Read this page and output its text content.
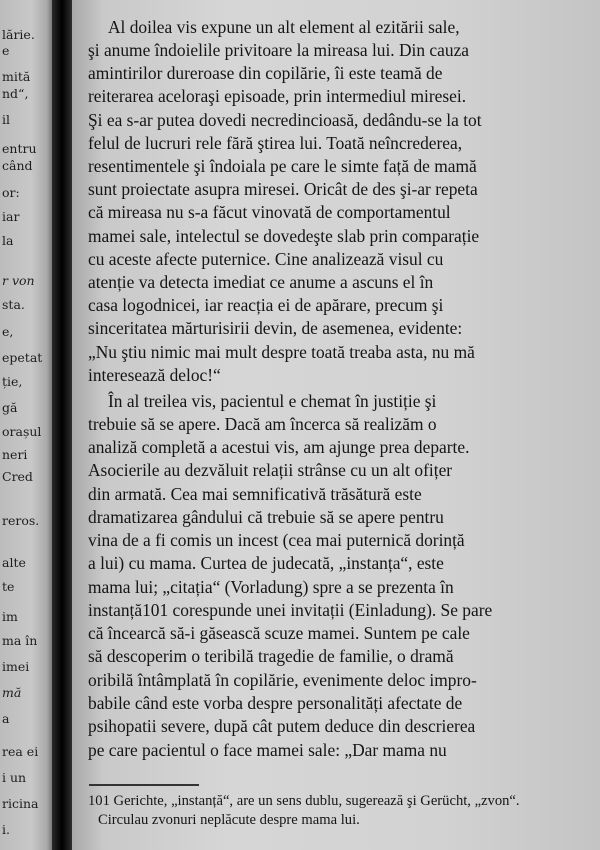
lărie.
e
mită
nd“,
il
entru
când
or:
iar
la
r von
sta.
e,
epetat
ție,
gă
orașul
neri
Cred
reros.
alte
te
im
ma în
imei
mă
a
rea ei
i un
ricina
i.
Al doilea vis expune un alt element al ezitării sale,
şi anume îndoielile privitoare la mireasa lui. Din cauza
amintirilor dureroase din copilărie, îi este teamă de
reiterarea aceloraşi episoade, prin intermediul miresei.
Şi ea s-ar putea dovedi necredincioasă, dedându-se la tot
felul de lucruri rele fără ştirea lui. Toată neîncrederea,
resentimentele şi îndoiala pe care le simte față de mamă
sunt proiectate asupra miresei. Oricât de des şi-ar repeta
că mireasa nu s-a făcut vinovată de comportamentul
mamei sale, intelectul se dovedeşte slab prin comparație
cu aceste afecte puternice. Cine analizează visul cu
atenție va detecta imediat ce anume a ascuns el în
casa logodnicei, iar reacția ei de apărare, precum şi
sinceritatea mărturisirii devin, de asemenea, evidente:
„Nu ştiu nimic mai mult despre toată treaba asta, nu mă
interesează deloc!“
În al treilea vis, pacientul e chemat în justiție şi
trebuie să se apere. Dacă am încerca să realizăm o
analiză completă a acestui vis, am ajunge prea departe.
Asocierile au dezvăluit relații strânse cu un alt ofițer
din armată. Cea mai semnificativă trăsătură este
dramatizarea gândului că trebuie să se apere pentru
vina de a fi comis un incest (cea mai puternică dorință
a lui) cu mama. Curtea de judecată, „instanța“, este
mama lui; „citația“ (Vorladung) spre a se prezenta în
instanță101 corespunde unei invitații (Einladung). Se pare
că încearcă să-i găsească scuze mamei. Suntem pe cale
să descoperim o teribilă tragedie de familie, o dramă
oribilă întâmplată în copilărie, evenimente deloc impro-
babile când este vorba despre personalități afectate de
psihopatii severe, după cât putem deduce din descrierea
pe care pacientul o face mamei sale: „Dar mama nu
101 Gerichte, „instanță“, are un sens dublu, sugerează şi Gerücht, „zvon“.
Circulau zvonuri neplăcute despre mama lui.
